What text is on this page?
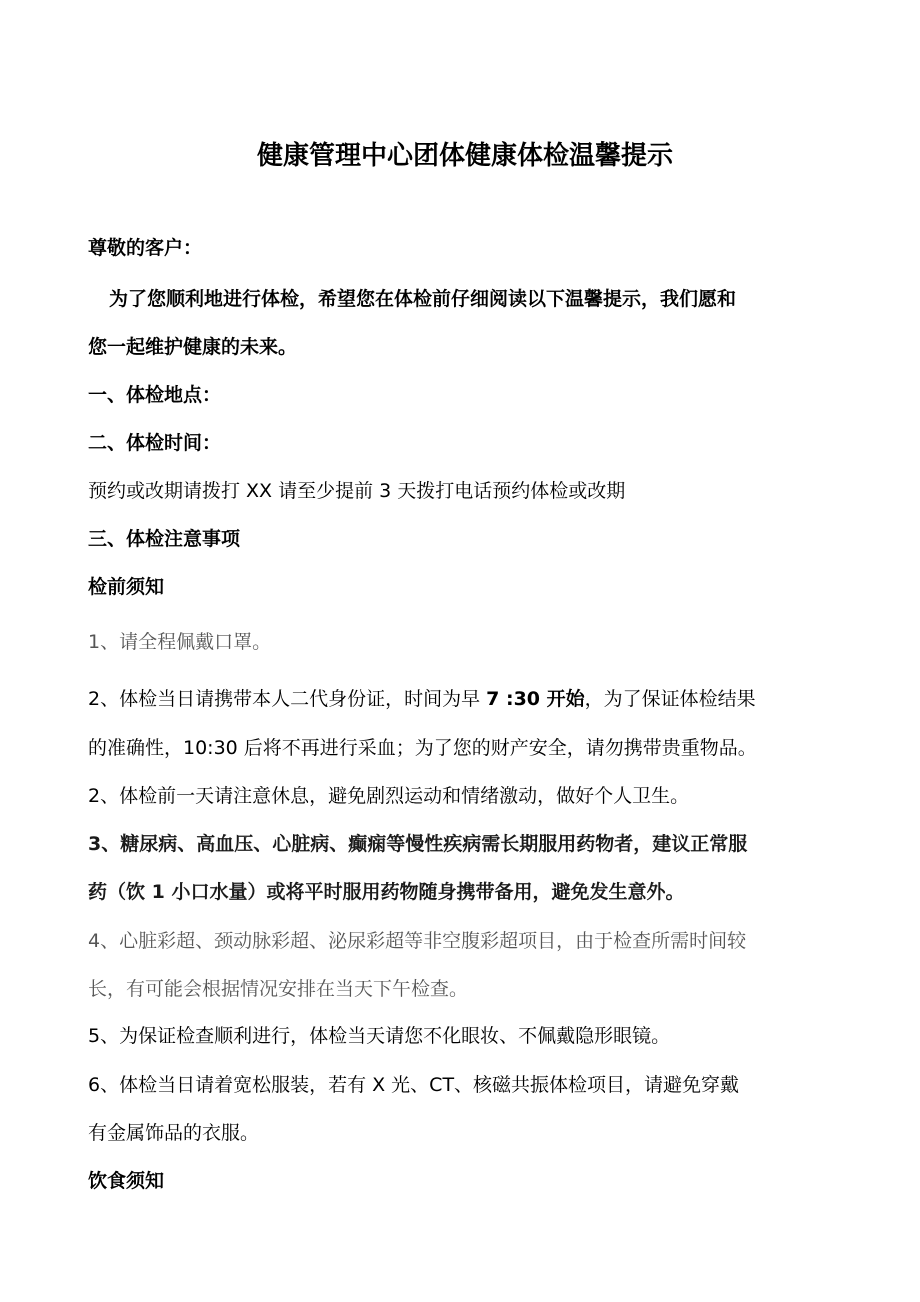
健康管理中心团体健康体检温馨提示
尊敬的客户：
为了您顺利地进行体检，希望您在体检前仔细阅读以下温馨提示，我们愿和
您一起维护健康的未来。
一、体检地点：
二、体检时间：
预约或改期请拨打 XX 请至少提前 3 天拨打电话预约体检或改期
三、体检注意事项
检前须知
1、请全程佩戴口罩。
2、体检当日请携带本人二代身份证，时间为早 7 :30 开始，为了保证体检结果
的准确性，10:30 后将不再进行采血；为了您的财产安全，请勿携带贵重物品。
2、体检前一天请注意休息，避免剧烈运动和情绪激动，做好个人卫生。
3、糖尿病、高血压、心脏病、癫痫等慢性疾病需长期服用药物者，建议正常服
药（饮 1 小口水量）或将平时服用药物随身携带备用，避免发生意外。
4、心脏彩超、颈动脉彩超、泌尿彩超等非空腹彩超项目，由于检查所需时间较
长，有可能会根据情况安排在当天下午检查。
5、为保证检查顺利进行，体检当天请您不化眼妆、不佩戴隐形眼镜。
6、体检当日请着宽松服装，若有 X 光、CT、核磁共振体检项目，请避免穿戴
有金属饰品的衣服。
饮食须知
